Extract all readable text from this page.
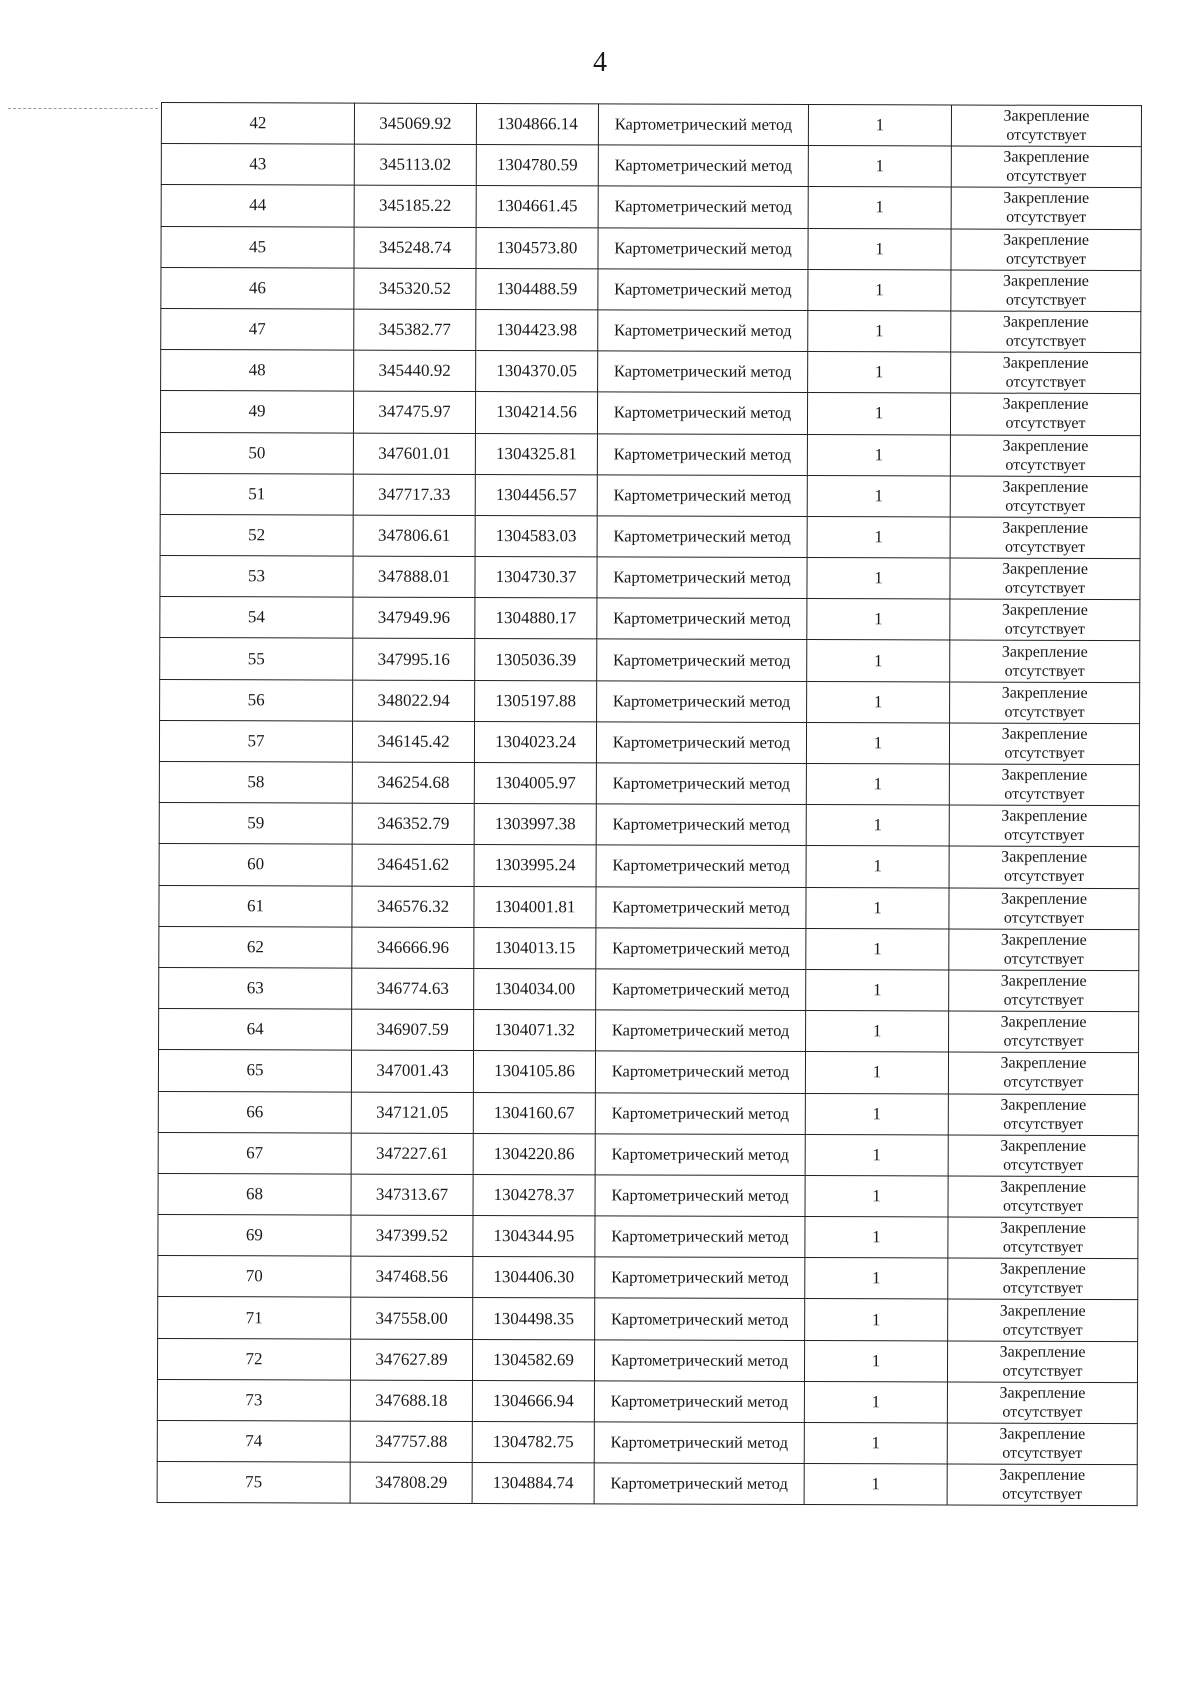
4
42	345069.92	1304866.14	Картометрический метод	1	Закрепление
отсутствует

43	345113.02	1304780.59	Картометрический метод	1	Закрепление
отсутствует

44	345185.22	1304661.45	Картометрический метод	1	Закрепление
отсутствует

45	345248.74	1304573.80	Картометрический метод	1	Закрепление
отсутствует

46	345320.52	1304488.59	Картометрический метод	1	Закрепление
отсутствует

47	345382.77	1304423.98	Картометрический метод	1	Закрепление
отсутствует

48	345440.92	1304370.05	Картометрический метод	1	Закрепление
отсутствует

49	347475.97	1304214.56	Картометрический метод	1	Закрепление
отсутствует

50	347601.01	1304325.81	Картометрический метод	1	Закрепление
отсутствует

51	347717.33	1304456.57	Картометрический метод	1	Закрепление
отсутствует

52	347806.61	1304583.03	Картометрический метод	1	Закрепление
отсутствует

53	347888.01	1304730.37	Картометрический метод	1	Закрепление
отсутствует

54	347949.96	1304880.17	Картометрический метод	1	Закрепление
отсутствует

55	347995.16	1305036.39	Картометрический метод	1	Закрепление
отсутствует

56	348022.94	1305197.88	Картометрический метод	1	Закрепление
отсутствует

57	346145.42	1304023.24	Картометрический метод	1	Закрепление
отсутствует

58	346254.68	1304005.97	Картометрический метод	1	Закрепление
отсутствует

59	346352.79	1303997.38	Картометрический метод	1	Закрепление
отсутствует

60	346451.62	1303995.24	Картометрический метод	1	Закрепление
отсутствует

61	346576.32	1304001.81	Картометрический метод	1	Закрепление
отсутствует

62	346666.96	1304013.15	Картометрический метод	1	Закрепление
отсутствует

63	346774.63	1304034.00	Картометрический метод	1	Закрепление
отсутствует

64	346907.59	1304071.32	Картометрический метод	1	Закрепление
отсутствует

65	347001.43	1304105.86	Картометрический метод	1	Закрепление
отсутствует

66	347121.05	1304160.67	Картометрический метод	1	Закрепление
отсутствует

67	347227.61	1304220.86	Картометрический метод	1	Закрепление
отсутствует

68	347313.67	1304278.37	Картометрический метод	1	Закрепление
отсутствует

69	347399.52	1304344.95	Картометрический метод	1	Закрепление
отсутствует

70	347468.56	1304406.30	Картометрический метод	1	Закрепление
отсутствует

71	347558.00	1304498.35	Картометрический метод	1	Закрепление
отсутствует

72	347627.89	1304582.69	Картометрический метод	1	Закрепление
отсутствует

73	347688.18	1304666.94	Картометрический метод	1	Закрепление
отсутствует

74	347757.88	1304782.75	Картометрический метод	1	Закрепление
отсутствует

75	347808.29	1304884.74	Картометрический метод	1	Закрепление
отсутствует
